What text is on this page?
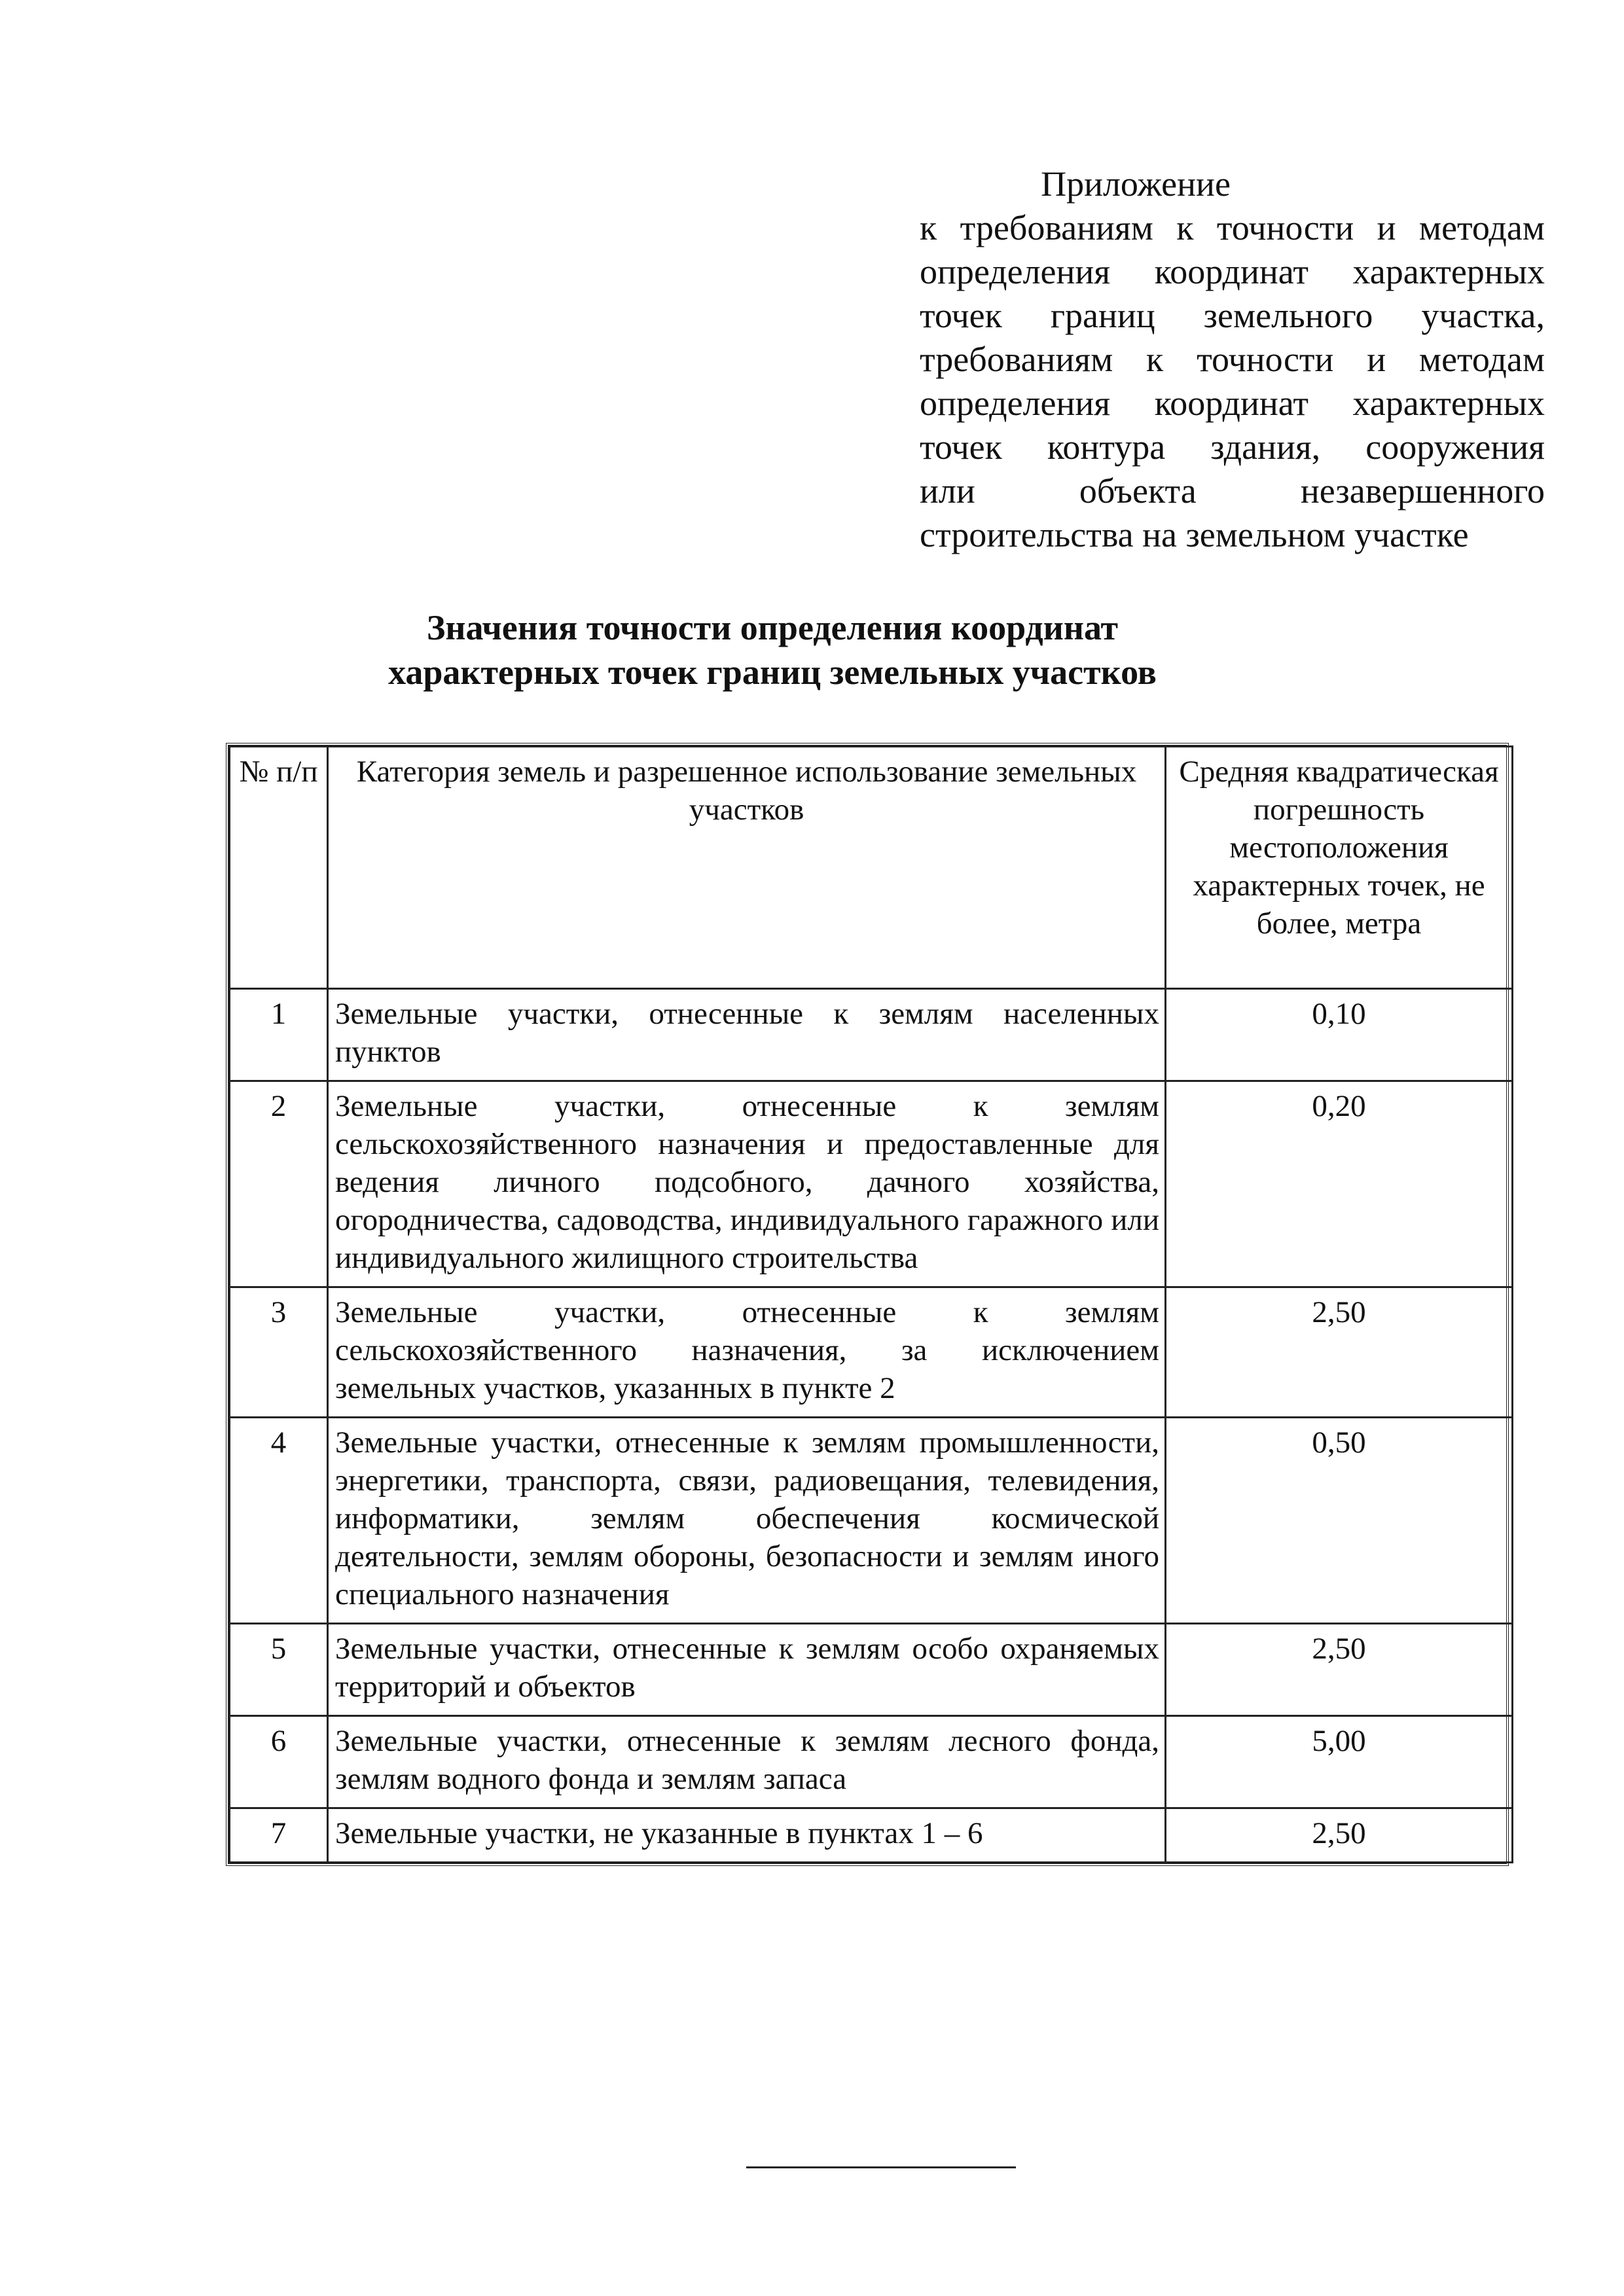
Приложение
к требованиям к точности и методам
определения координат характерных
точек границ земельного участка,
требованиям к точности и методам
определения координат характерных
точек контура здания, сооружения
или объекта незавершенного
строительства на земельном участке
Значения точности определения координат
характерных точек границ земельных участков
№ п/п	Категория земель и разрешенное использование земельных участков	Средняя квадратическая погрешность местоположения характерных точек, не более, метра
1	Земельные участки, отнесенные к землям населенных пунктов	0,10
2	Земельные участки, отнесенные к землям сельскохозяйственного назначения и предоставленные для ведения личного подсобного, дачного хозяйства, огородничества, садоводства, индивидуального гаражного или индивидуального жилищного строительства	0,20
3	Земельные участки, отнесенные к землям сельскохозяйственного назначения, за исключением земельных участков, указанных в пункте 2	2,50
4	Земельные участки, отнесенные к землям промышленности, энергетики, транспорта, связи, радиовещания, телевидения, информатики, землям обеспечения космической деятельности, землям обороны, безопасности и землям иного специального назначения	0,50
5	Земельные участки, отнесенные к землям особо охраняемых территорий и объектов	2,50
6	Земельные участки, отнесенные к землям лесного фонда, землям водного фонда и землям запаса	5,00
7	Земельные участки, не указанные в пунктах 1 – 6	2,50
